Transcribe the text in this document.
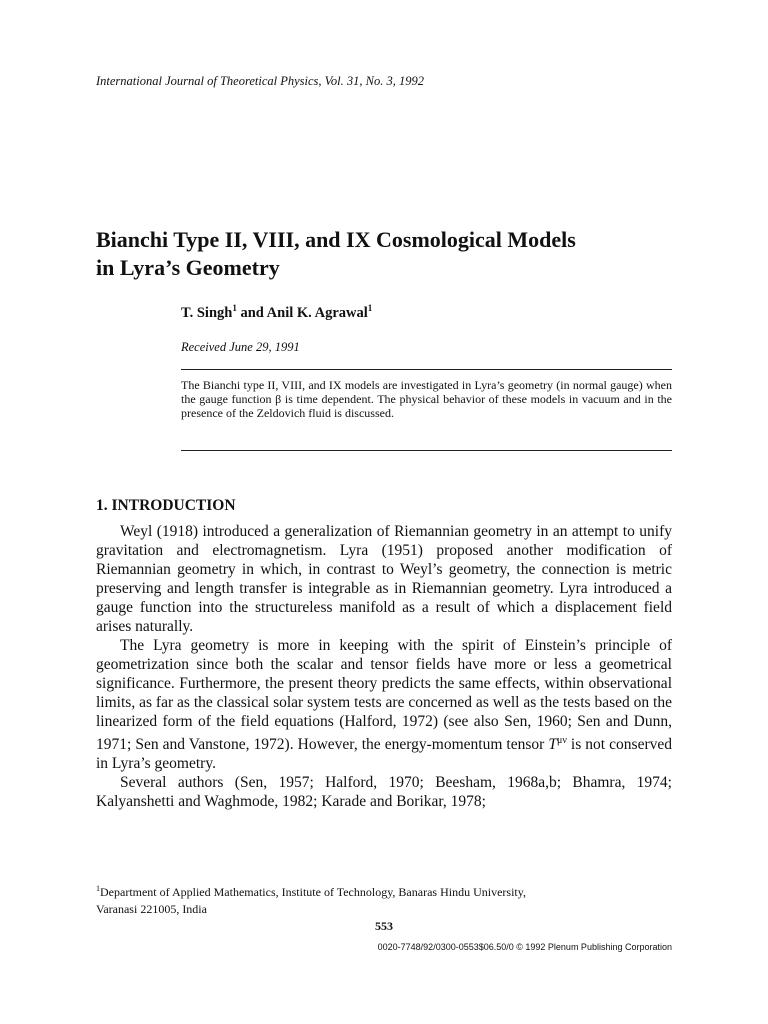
International Journal of Theoretical Physics, Vol. 31, No. 3, 1992
Bianchi Type II, VIII, and IX Cosmological Models
in Lyra’s Geometry
T. Singh$^1$ and Anil K. Agrawal$^1$
Received June 29, 1991
The Bianchi type II, VIII, and IX models are investigated in Lyra’s geometry (in normal gauge) when the gauge function β is time dependent. The physical behavior of these models in vacuum and in the presence of the Zeldovich fluid is discussed.
1. INTRODUCTION

Weyl (1918) introduced a generalization of Riemannian geometry in an attempt to unify gravitation and electromagnetism. Lyra (1951) proposed another modification of Riemannian geometry in which, in contrast to Weyl’s geometry, the connection is metric preserving and length transfer is integrable as in Riemannian geometry. Lyra introduced a gauge function into the structureless manifold as a result of which a displacement field arises naturally.

The Lyra geometry is more in keeping with the spirit of Einstein’s principle of geometrization since both the scalar and tensor fields have more or less a geometrical significance. Furthermore, the present theory predicts the same effects, within observational limits, as far as the classical solar system tests are concerned as well as the tests based on the linearized form of the field equations (Halford, 1972) (see also Sen, 1960; Sen and Dunn, 1971; Sen and Vanstone, 1972). However, the energy-momentum tensor $T^{\mu\nu}$ is not conserved in Lyra’s geometry.

Several authors (Sen, 1957; Halford, 1970; Beesham, 1968a,b; Bhamra, 1974; Kalyanshetti and Waghmode, 1982; Karade and Borikar, 1978;

$^1$Department of Applied Mathematics, Institute of Technology, Banaras Hindu University,
Varanasi 221005, India
553
0020-7748/92/0300-0553$06.50/0 © 1992 Plenum Publishing Corporation
